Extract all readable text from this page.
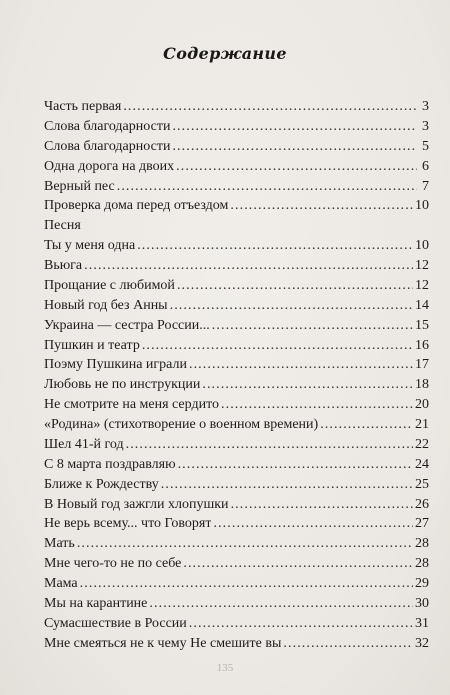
Содержание
Часть первая . . .	3
Слова благодарности . . .	3
Слова благодарности . . .	5
Одна дорога на двоих . . .	6
Верный пес . . .	7
Проверка дома перед отъездом . . .	10
Песня
Ты у меня одна . . .	10
Вьюга . . .	12
Прощание с любимой . . .	12
Новый год без Анны . . .	14
Украина — сестра России... . . .	15
Пушкин и театр . . .	16
Поэму Пушкина играли . . .	17
Любовь не по инструкции . . .	18
Не смотрите на меня сердито . . .	20
«Родина» (стихотворение о военном времени) . . .	21
Шел 41-й год . . .	22
С 8 марта поздравляю . . .	24
Ближе к Рождеству . . .	25
В Новый год зажгли хлопушки . . .	26
Не верь всему... что Говорят . . .	27
Мать . . .	28
Мне чего-то не по себе . . .	28
Мама . . .	29
Мы на карантине . . .	30
Сумасшествие в России . . .	31
Мне смеяться не к чему Не смешите вы . . .	32
135
